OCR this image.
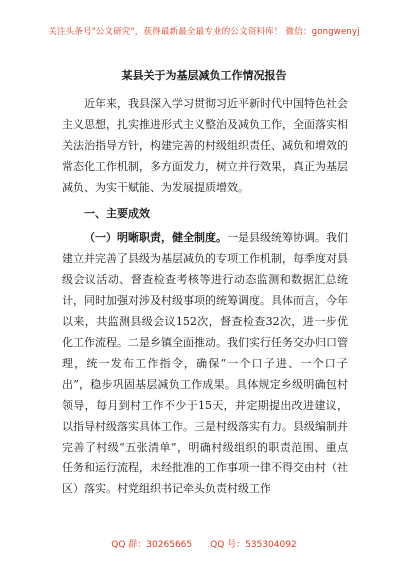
关注头条号"公文研究"，获得最新最全最专业的公文资料库！ 微信：gongwenyj
某县关于为基层减负工作情况报告

近年来，我县深入学习贯彻习近平新时代中国特色社会主义思想，扎实推进形式主义整治及减负工作，全面落实相关法治指导方针，构建完善的村级组织责任、减负和增效的常态化工作机制，多方面发力，树立并行效果，真正为基层减负、为实干赋能、为发展提质增效。

一、主要成效

（一）明晰职责，健全制度。一是县级统筹协调。我们建立并完善了县级为基层减负的专项工作机制，每季度对县级会议活动、督查检查考核等进行动态监测和数据汇总统计，同时加强对涉及村级事项的统筹调度。具体而言，今年以来，共监测县级会议152次，督查检查32次，进一步优化工作流程。二是乡镇全面推动。我们实行任务交办归口管理，统一发布工作指令，确保“一个口子进、一个口子出”，稳步巩固基层减负工作成果。具体规定乡级明确包村领导，每月到村工作不少于15天，并定期提出改进建议，以指导村级落实具体工作。三是村级落实有力。县级编制并完善了村级“五张清单”，明确村级组织的职责范围、重点任务和运行流程，未经批准的工作事项一律不得交由村（社区）落实。村党组织书记牵头负责村级工作

QQ 群：30265665 QQ 号：535304092
